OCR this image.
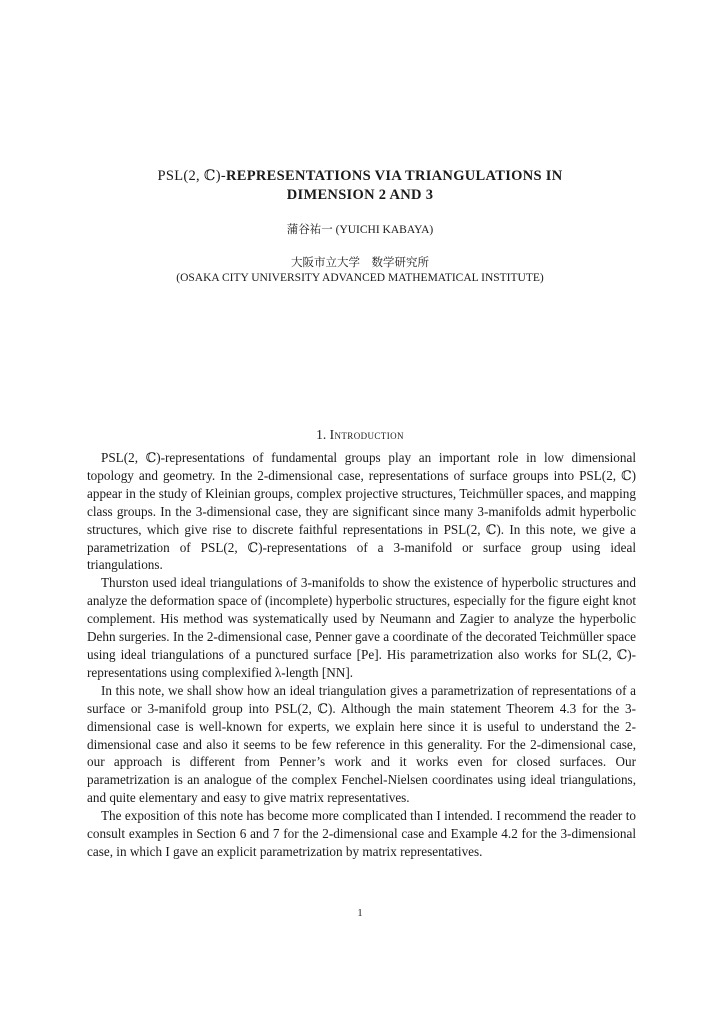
PSL(2, ℂ)-REPRESENTATIONS VIA TRIANGULATIONS IN
DIMENSION 2 AND 3
蒲谷祐一 (YUICHI KABAYA)
大阪市立大学　数学研究所
(OSAKA CITY UNIVERSITY ADVANCED MATHEMATICAL INSTITUTE)
1. Introduction

PSL(2, ℂ)-representations of fundamental groups play an important role in low dimensional topology and geometry. In the 2-dimensional case, representations of surface groups into PSL(2, ℂ) appear in the study of Kleinian groups, complex projective structures, Teichmüller spaces, and mapping class groups. In the 3-dimensional case, they are significant since many 3-manifolds admit hyperbolic structures, which give rise to discrete faithful representations in PSL(2, ℂ). In this note, we give a parametrization of PSL(2, ℂ)-representations of a 3-manifold or surface group using ideal triangulations.

Thurston used ideal triangulations of 3-manifolds to show the existence of hyperbolic structures and analyze the deformation space of (incomplete) hyperbolic structures, especially for the figure eight knot complement. His method was systematically used by Neumann and Zagier to analyze the hyperbolic Dehn surgeries. In the 2-dimensional case, Penner gave a coordinate of the decorated Teichmüller space using ideal triangulations of a punctured surface [Pe]. His parametrization also works for SL(2, ℂ)-representations using complexified λ-length [NN].

In this note, we shall show how an ideal triangulation gives a parametrization of representations of a surface or 3-manifold group into PSL(2, ℂ). Although the main statement Theorem 4.3 for the 3-dimensional case is well-known for experts, we explain here since it is useful to understand the 2-dimensional case and also it seems to be few reference in this generality. For the 2-dimensional case, our approach is different from Penner’s work and it works even for closed surfaces. Our parametrization is an analogue of the complex Fenchel-Nielsen coordinates using ideal triangulations, and quite elementary and easy to give matrix representatives.

The exposition of this note has become more complicated than I intended. I recommend the reader to consult examples in Section 6 and 7 for the 2-dimensional case and Example 4.2 for the 3-dimensional case, in which I gave an explicit parametrization by matrix representatives.

1
